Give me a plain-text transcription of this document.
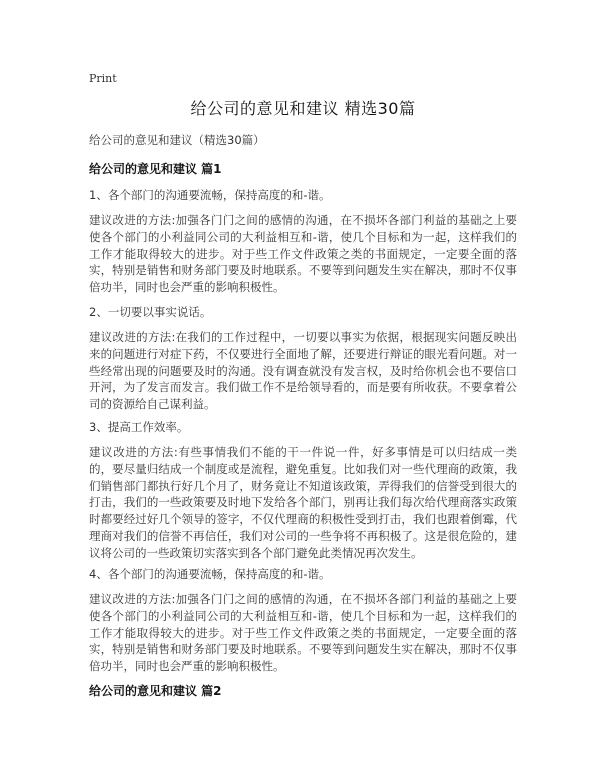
Print
给公司的意见和建议 精选30篇
给公司的意见和建议（精选30篇）
给公司的意见和建议 篇1
1、各个部门的沟通要流畅，保持高度的和-谐。

建议改进的方法:加强各门门之间的感情的沟通，在不损坏各部门利益的基础之上要使各个部门的小利益同公司的大利益相互和-谐，使几个目标和为一起，这样我们的工作才能取得较大的进步。对于些工作文件政策之类的书面规定，一定要全面的落实，特别是销售和财务部门要及时地联系。不要等到问题发生实在解决，那时不仅事倍功半，同时也会严重的影响积极性。

2、一切要以事实说话。

建议改进的方法:在我们的工作过程中，一切要以事实为依据，根据现实问题反映出来的问题进行对症下药，不仅要进行全面地了解，还要进行辩证的眼光看问题。对一些经常出现的问题要及时的沟通。没有调查就没有发言权，及时给你机会也不要信口开河，为了发言而发言。我们做工作不是给领导看的，而是要有所收获。不要拿着公司的资源给自己谋利益。

3、提高工作效率。

建议改进的方法:有些事情我们不能的干一件说一件，好多事情是可以归结成一类的，要尽量归结成一个制度或是流程，避免重复。比如我们对一些代理商的政策，我们销售部门都执行好几个月了，财务竟让不知道该政策，弄得我们的信誉受到很大的打击，我们的一些政策要及时地下发给各个部门，别再让我们每次给代理商落实政策时都要经过好几个领导的签字，不仅代理商的积极性受到打击，我们也跟着倒霉，代理商对我们的信誉不再信任，我们对公司的一些争将不再积极了。这是很危险的，建议将公司的一些政策切实落实到各个部门避免此类情况再次发生。

4、各个部门的沟通要流畅，保持高度的和-谐。

建议改进的方法:加强各门门之间的感情的沟通，在不损坏各部门利益的基础之上要使各个部门的小利益同公司的大利益相互和-谐，使几个目标和为一起，这样我们的工作才能取得较大的进步。对于些工作文件政策之类的书面规定，一定要全面的落实，特别是销售和财务部门要及时地联系。不要等到问题发生实在解决，那时不仅事倍功半，同时也会严重的影响积极性。

给公司的意见和建议 篇2
